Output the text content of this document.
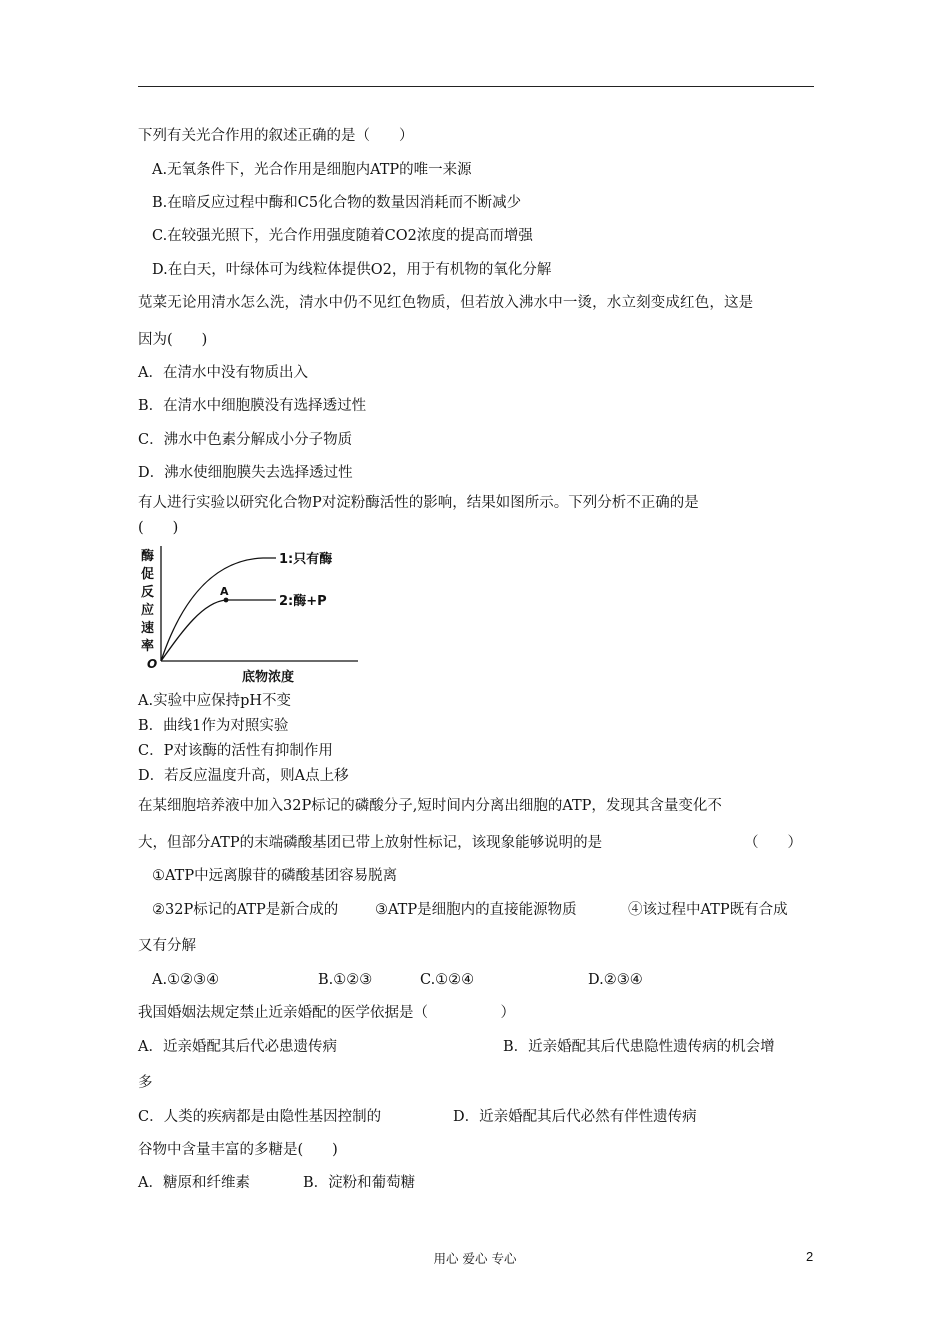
下列有关光合作用的叙述正确的是（　　）
A.无氧条件下，光合作用是细胞内ATP的唯一来源
B.在暗反应过程中酶和C5化合物的数量因消耗而不断减少
C.在较强光照下，光合作用强度随着CO2浓度的提高而增强
D.在白天，叶绿体可为线粒体提供O2，用于有机物的氧化分解
苋菜无论用清水怎么洗，清水中仍不见红色物质，但若放入沸水中一烫，水立刻变成红色，这是
因为(　　)
A．在清水中没有物质出入
B．在清水中细胞膜没有选择透过性
C．沸水中色素分解成小分子物质
D．沸水使细胞膜失去选择透过性
有人进行实验以研究化合物P对淀粉酶活性的影响，结果如图所示。下列分析不正确的是
(　　)
酶
促
反
应
速
率
O
底物浓度
1:只有酶
A
2:酶+P
A.实验中应保持pH不变
B．曲线1作为对照实验
C．P对该酶的活性有抑制作用
D．若反应温度升高，则A点上移
在某细胞培养液中加入32P标记的磷酸分子,短时间内分离出细胞的ATP，发现其含量变化不
大，但部分ATP的末端磷酸基团已带上放射性标记，该现象能够说明的是	（　　）
①ATP中远离腺苷的磷酸基团容易脱离
②32P标记的ATP是新合成的	③ATP是细胞内的直接能源物质	④该过程中ATP既有合成
又有分解
A.①②③④	B.①②③	C.①②④	D.②③④
我国婚姻法规定禁止近亲婚配的医学依据是（　　　　　）
A．近亲婚配其后代必患遗传病	B．近亲婚配其后代患隐性遗传病的机会增
多
C．人类的疾病都是由隐性基因控制的	D．近亲婚配其后代必然有伴性遗传病
谷物中含量丰富的多糖是(　　)
A．糖原和纤维素	B．淀粉和葡萄糖
用心 爱心 专心	2
